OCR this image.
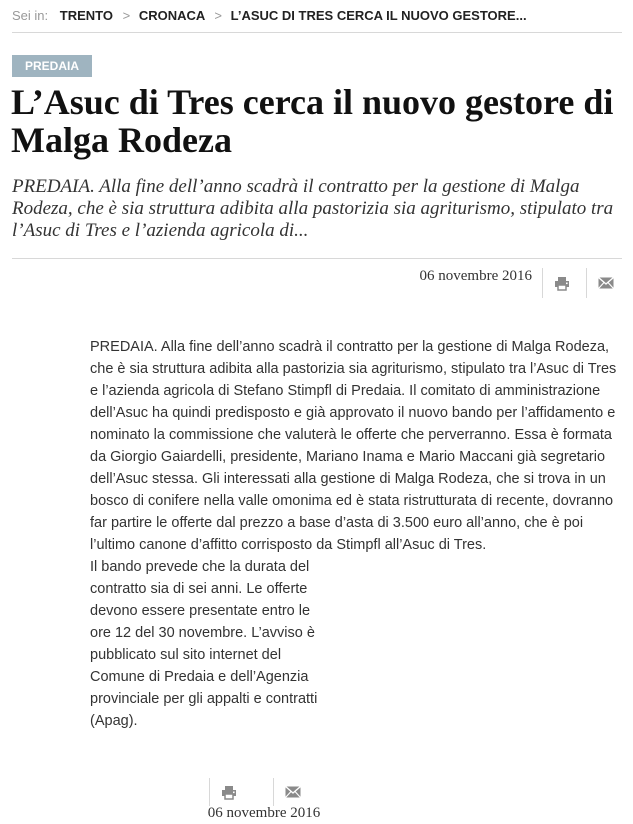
Sei in: TRENTO > CRONACA > L’ASUC DI TRES CERCA IL NUOVO GESTORE...
PREDAIA
L’Asuc di Tres cerca il nuovo gestore di Malga Rodeza

PREDAIA. Alla fine dell’anno scadrà il contratto per la gestione di Malga Rodeza, che è sia struttura adibita alla pastorizia sia agriturismo, stipulato tra l’Asuc di Tres e l’azienda agricola di...

06 novembre 2016
PREDAIA. Alla fine dell’anno scadrà il contratto per la gestione di Malga Rodeza, che è sia struttura adibita alla pastorizia sia agriturismo, stipulato tra l’Asuc di Tres e l’azienda agricola di Stefano Stimpfl di Predaia. Il comitato di amministrazione dell’Asuc ha quindi predisposto e già approvato il nuovo bando per l’affidamento e nominato la commissione che valuterà le offerte che perverranno. Essa è formata da Giorgio Gaiardelli, presidente, Mariano Inama e Mario Maccani già segretario dell’Asuc stessa. Gli interessati alla gestione di Malga Rodeza, che si trova in un bosco di conifere nella valle omonima ed è stata ristrutturata di recente, dovranno far partire le offerte dal prezzo a base d’asta di 3.500 euro all’anno, che è poi l’ultimo canone d’affitto corrisposto da Stimpfl all’Asuc di Tres.
Il bando prevede che la durata del contratto sia di sei anni. Le offerte devono essere presentate entro le ore 12 del 30 novembre. L’avviso è pubblicato sul sito internet del Comune di Predaia e dell’Agenzia provinciale per gli appalti e contratti (Apag).
06 novembre 2016
